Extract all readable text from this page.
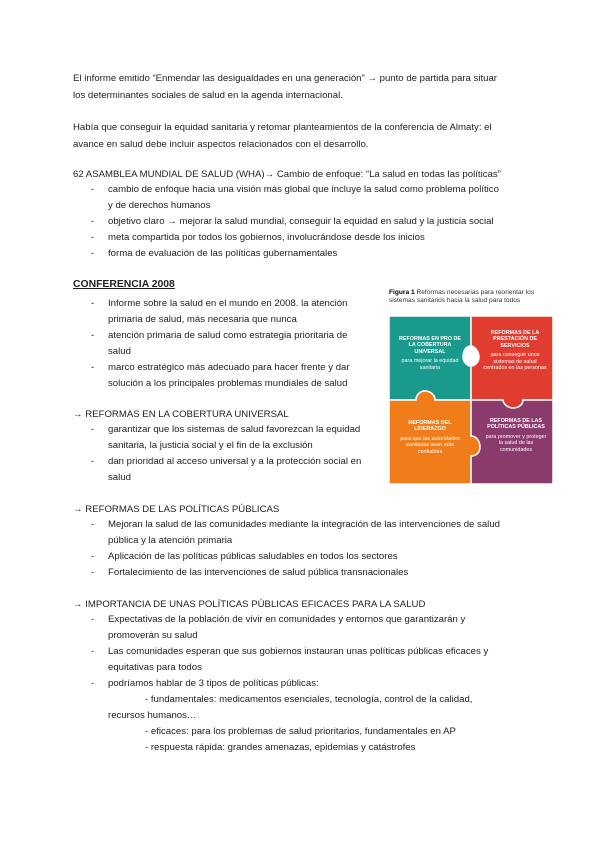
El informe emitido “Enmendar las desigualdades en una generación” → punto de partida para situar
los determinantes sociales de salud en la agenda internacional.
Había que conseguir la equidad sanitaria y retomar planteamientos de la conferencia de Almaty: el
avance en salud debe incluir aspectos relacionados con el desarrollo.
62 ASAMBLEA MUNDIAL DE SALUD (WHA)→ Cambio de enfoque: “La salud en todas las políticas”
- cambio de enfoque hacia una visión más global que incluye la salud como problema político
y de derechos humanos
- objetivo claro → mejorar la salud mundial, conseguir la equidad en salud y la justicia social
- meta compartida por todos los gobiernos, involucrándose desde los inicios
- forma de evaluación de las políticas gubernamentales
CONFERENCIA 2008
- Informe sobre la salud en el mundo en 2008. la atención
primaria de salud, más necesaria que nunca
- atención primaria de salud como estrategia prioritaria de
salud
- marco estratégico más adecuado para hacer frente y dar
solución a los principales problemas mundiales de salud
→ REFORMAS EN LA COBERTURA UNIVERSAL
- garantizar que los sistemas de salud favorezcan la equidad
sanitaria, la justicia social y el fin de la exclusión
- dan prioridad al acceso universal y a la protección social en
salud
Figura 1 Reformas necesarias para reorientar los sistemas sanitarios hacia la salud para todos
REFORMAS EN PRO DE LA COBERTURA UNIVERSAL
para mejorar la equidad sanitaria
REFORMAS DE LA PRESTACIÓN DE SERVICIOS
para conseguir unos sistemas de salud centrados en las personas
REFORMAS DEL LIDERAZGO
para que las autoridades sanitarias sean más confiables
REFORMAS DE LAS POLÍTICAS PÚBLICAS
para promover y proteger la salud de las comunidades
→ REFORMAS DE LAS POLÍTICAS PÚBLICAS
- Mejoran la salud de las comunidades mediante la integración de las intervenciones de salud
pública y la atención primaria
- Aplicación de las políticas públicas saludables en todos los sectores
- Fortalecimiento de las intervenciones de salud pública transnacionales
→ IMPORTANCIA DE UNAS POLÍTICAS PÚBLICAS EFICACES PARA LA SALUD
- Expectativas de la población de vivir en comunidades y entornos que garantizarán y
promoverán su salud
- Las comunidades esperan que sus gobiernos instauran unas políticas públicas eficaces y
equitativas para todos
- podríamos hablar de 3 tipos de políticas públicas:
- fundamentales: medicamentos esenciales, tecnología, control de la calidad,
recursos humanos…
- eficaces: para los problemas de salud prioritarios, fundamentales en AP
- respuesta rápida: grandes amenazas, epidemias y catástrofes
